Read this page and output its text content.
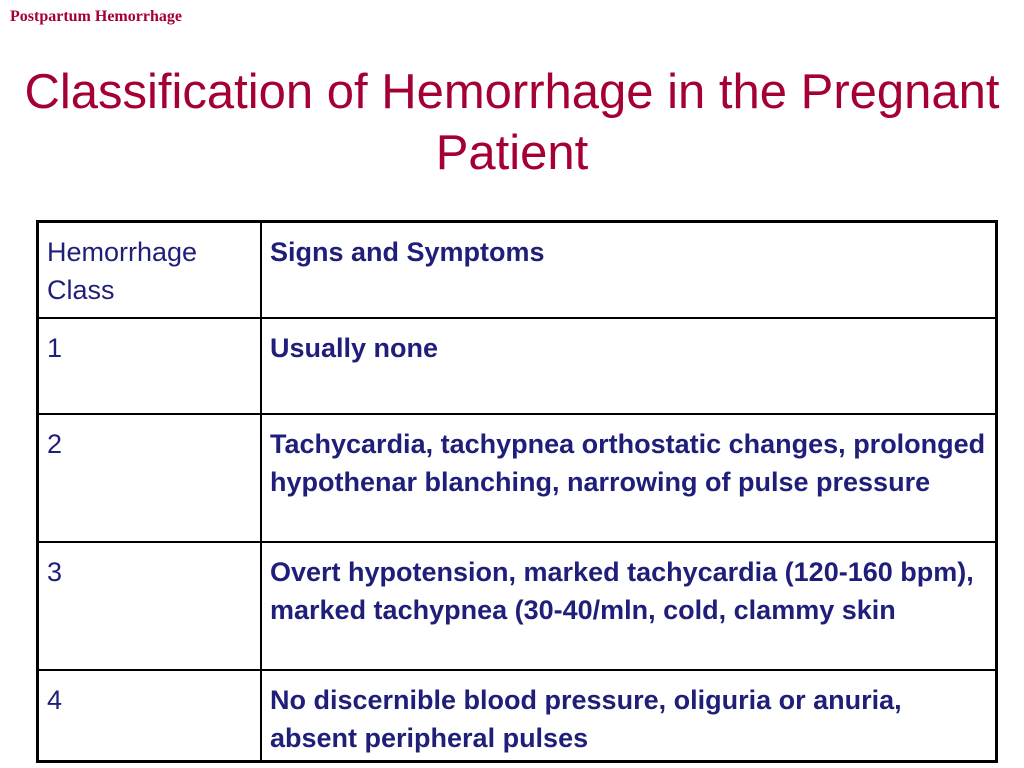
Postpartum Hemorrhage
Classification of Hemorrhage in the Pregnant Patient
Hemorrhage Class	Signs and Symptoms
1	Usually none
2	Tachycardia, tachypnea orthostatic changes, prolonged hypothenar blanching, narrowing of pulse pressure
3	Overt hypotension, marked tachycardia (120-160 bpm), marked tachypnea (30-40/mln, cold, clammy skin
4	No discernible blood pressure, oliguria or anuria, absent peripheral pulses
